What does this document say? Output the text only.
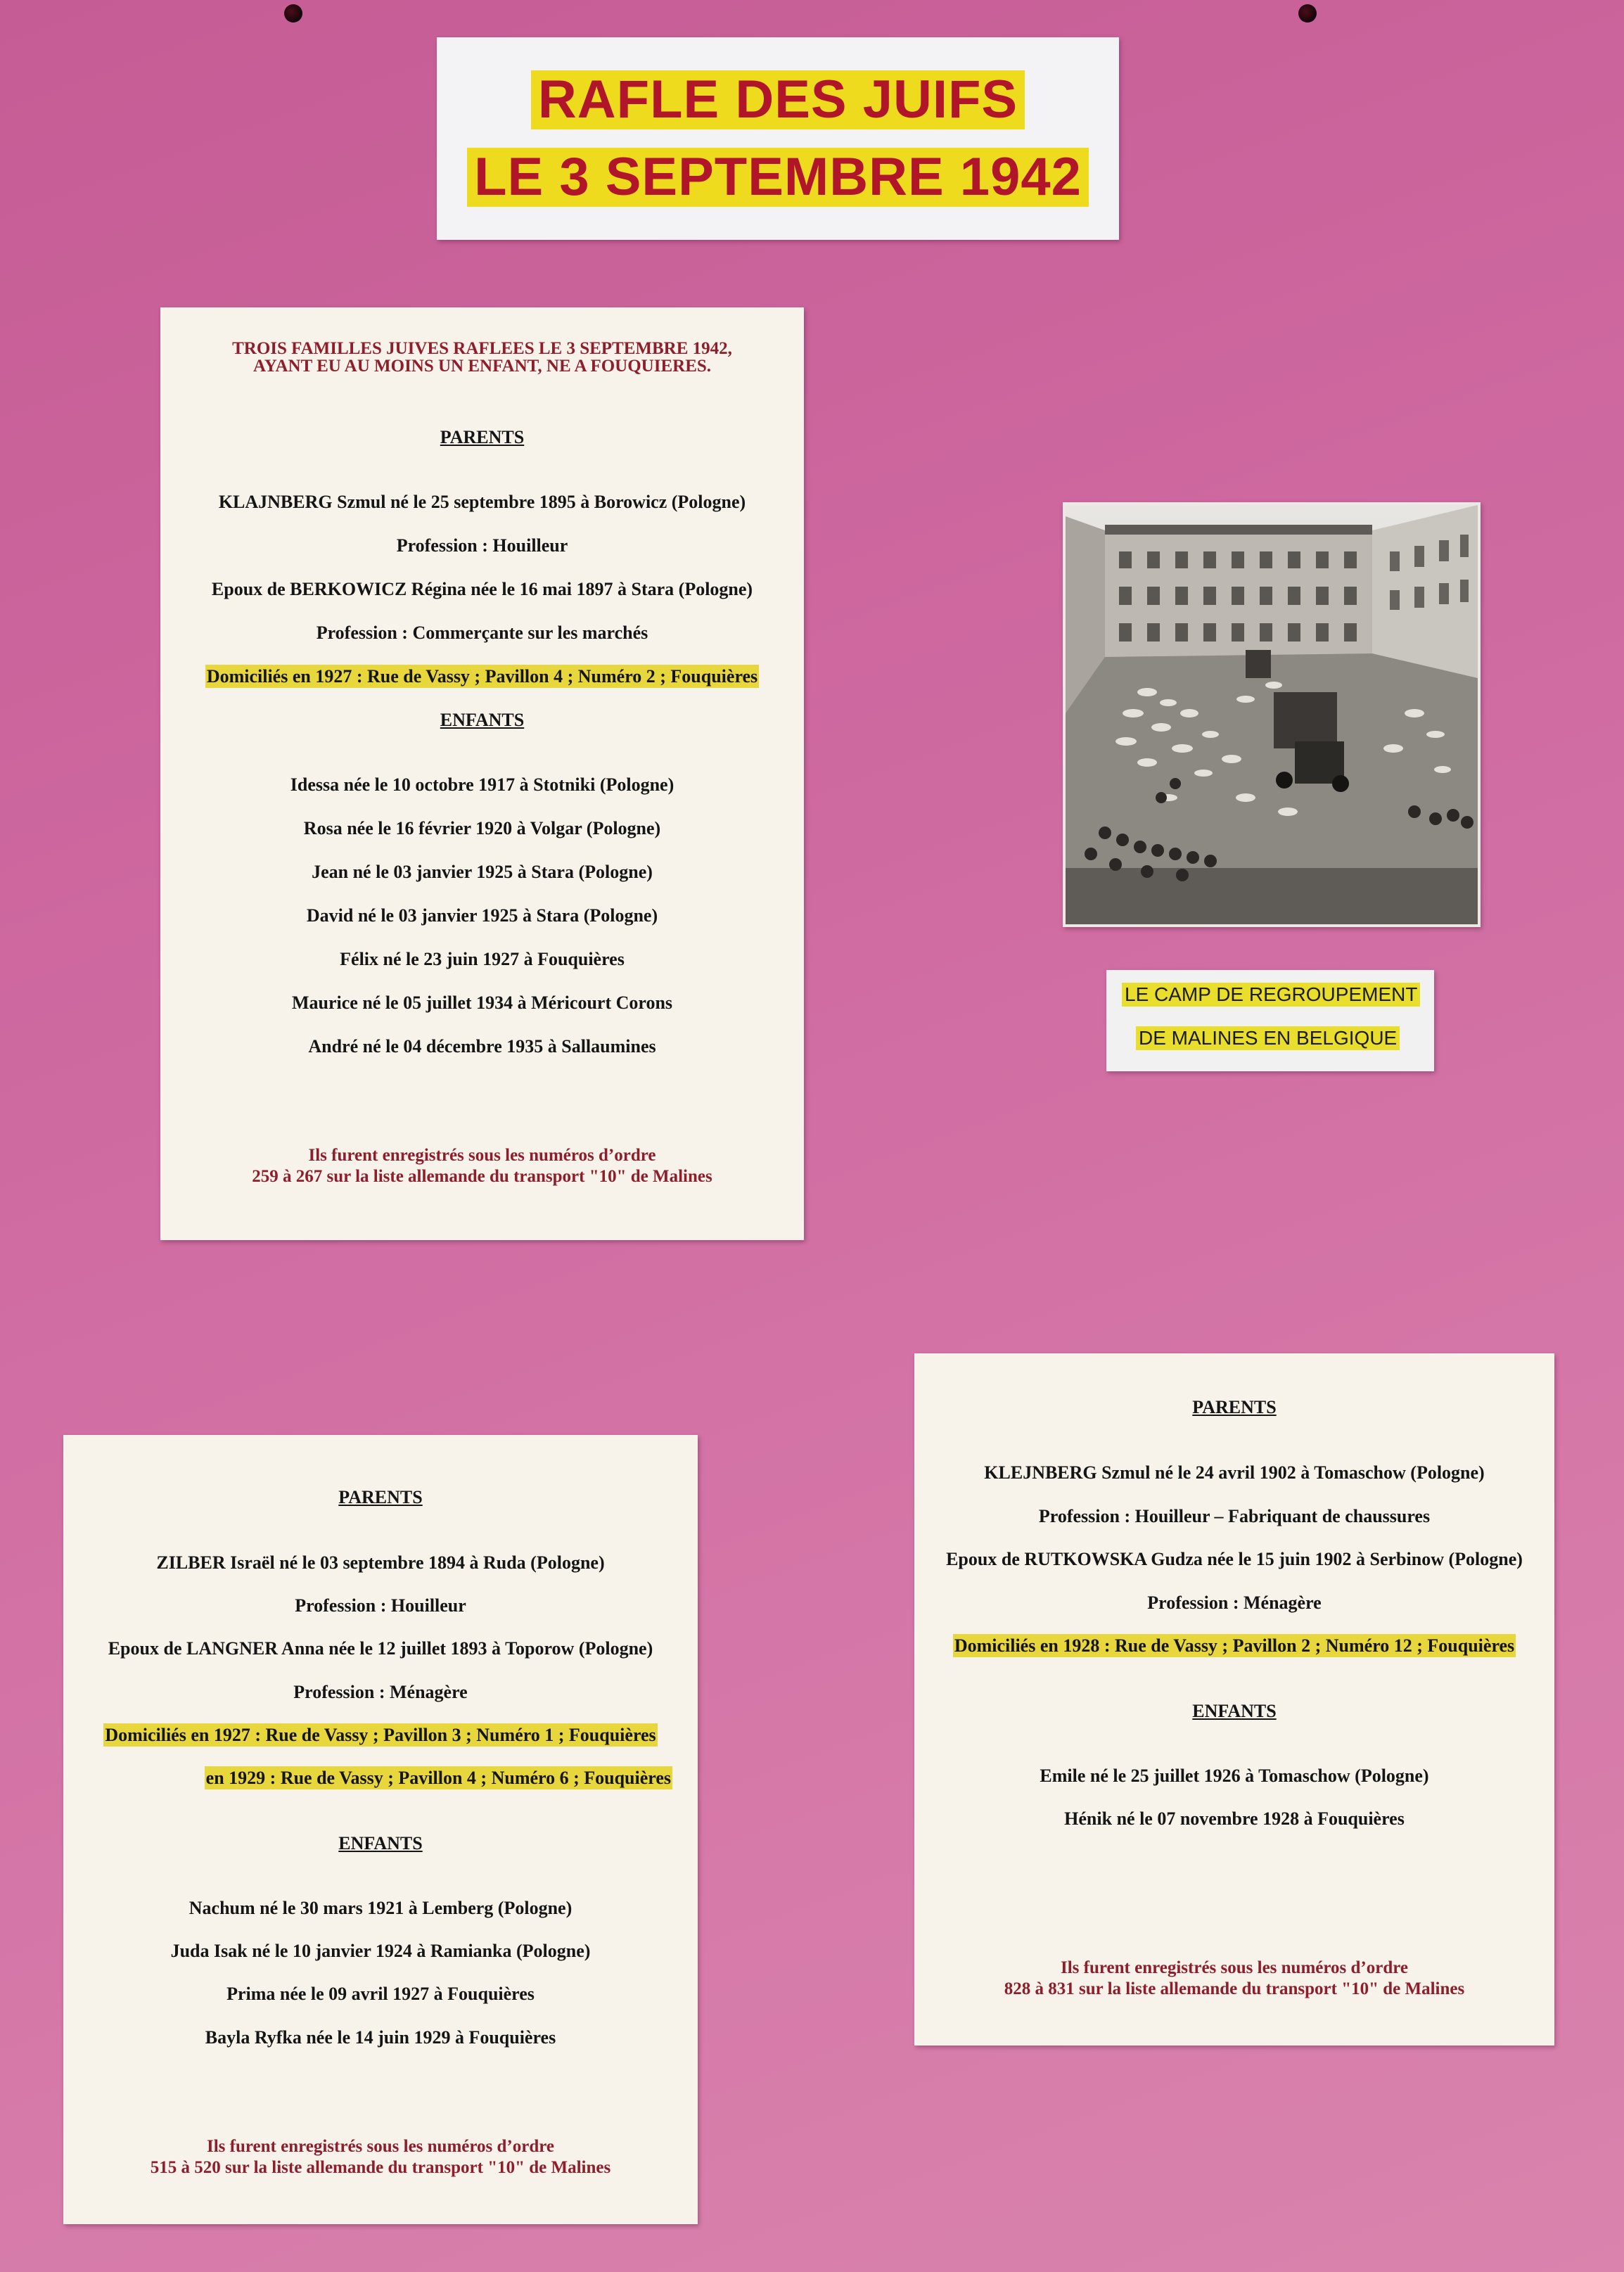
RAFLE DES JUIFS
LE 3 SEPTEMBRE 1942

TROIS FAMILLES JUIVES RAFLEES LE 3 SEPTEMBRE 1942,

AYANT EU AU MOINS UN ENFANT, NE A FOUQUIERES.

PARENTS
KLAJNBERG Szmul né le 25 septembre 1895 à Borowicz (Pologne)
Profession : Houilleur
Epoux de BERKOWICZ Régina née le 16 mai 1897 à Stara (Pologne)
Profession : Commerçante sur les marchés
Domiciliés en 1927 : Rue de Vassy ; Pavillon 4 ; Numéro 2 ; Fouquières
ENFANTS
Idessa née le 10 octobre 1917 à Stotniki (Pologne)
Rosa née le 16 février 1920 à Volgar (Pologne)
Jean né le 03 janvier 1925 à Stara (Pologne)
David né le 03 janvier 1925 à Stara (Pologne)
Félix né le 23 juin 1927 à Fouquières
Maurice né le 05 juillet 1934 à Méricourt Corons
André né le 04 décembre 1935 à Sallaumines
Ils furent enregistrés sous les numéros d’ordre
259 à 267 sur la liste allemande du transport "10" de Malines
LE CAMP DE REGROUPEMENT
DE MALINES EN BELGIQUE
PARENTS
ZILBER Israël né le 03 septembre 1894 à Ruda (Pologne)
Profession : Houilleur
Epoux de LANGNER Anna née le 12 juillet 1893 à Toporow (Pologne)
Profession : Ménagère
Domiciliés en 1927 : Rue de Vassy ; Pavillon 3 ; Numéro 1 ; Fouquières
en 1929 : Rue de Vassy ; Pavillon 4 ; Numéro 6 ; Fouquières
ENFANTS
Nachum né le 30 mars 1921 à Lemberg (Pologne)
Juda Isak né le 10 janvier 1924 à Ramianka (Pologne)
Prima née le 09 avril 1927 à Fouquières
Bayla Ryfka née le 14 juin 1929 à Fouquières
Ils furent enregistrés sous les numéros d’ordre
515 à 520 sur la liste allemande du transport "10" de Malines
PARENTS
KLEJNBERG Szmul né le 24 avril 1902 à Tomaschow (Pologne)
Profession : Houilleur – Fabriquant de chaussures
Epoux de RUTKOWSKA Gudza née le 15 juin 1902 à Serbinow (Pologne)
Profession : Ménagère
Domiciliés en 1928 : Rue de Vassy ; Pavillon 2 ; Numéro 12 ; Fouquières
ENFANTS
Emile né le 25 juillet 1926 à Tomaschow (Pologne)
Hénik né le 07 novembre 1928 à Fouquières
Ils furent enregistrés sous les numéros d’ordre
828 à 831 sur la liste allemande du transport "10" de Malines
